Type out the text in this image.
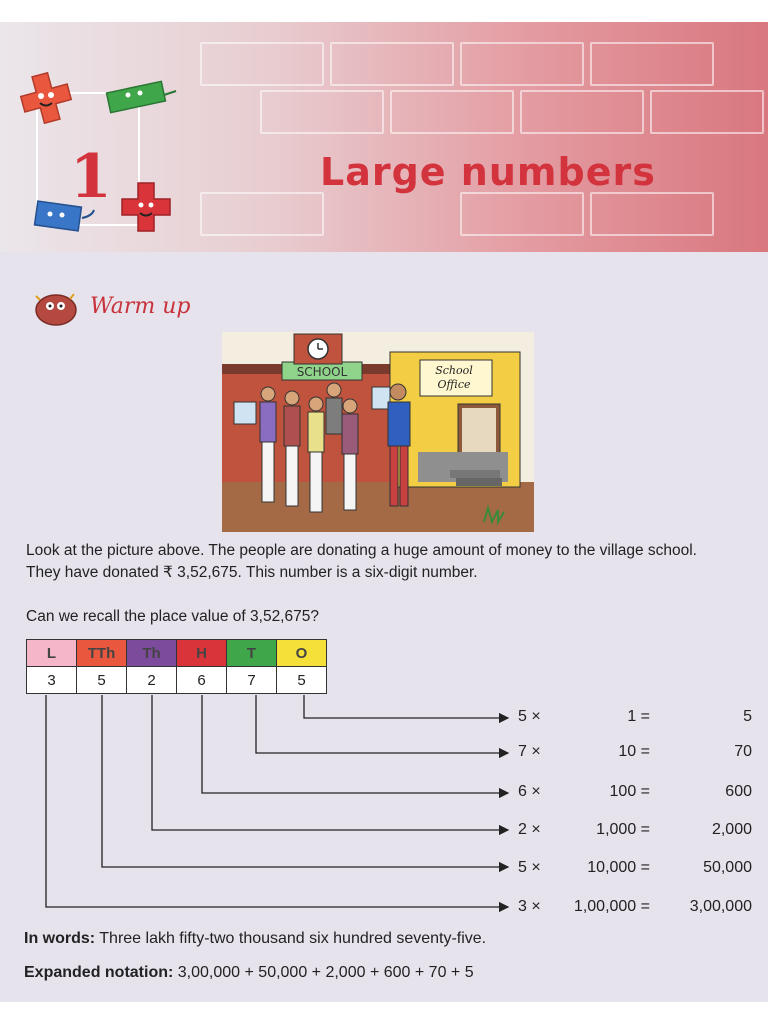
1	Large numbers
Warm up
SCHOOL	School
Office
Look at the picture above. The people are donating a huge amount of money to the village school. They have donated ₹ 3,52,675. This number is a six-digit number.
Can we recall the place value of 3,52,675?
L	TTh	Th	H	T	O
3	5	2	6	7	5
5 ×	1 =	5
7 ×	10 =	70
6 ×	100 =	600
2 ×	1,000 =	2,000
5 ×	10,000 =	50,000
3 ×	1,00,000 =	3,00,000
In words: Three lakh fifty-two thousand six hundred seventy-five.
Expanded notation: 3,00,000 + 50,000 + 2,000 + 600 + 70 + 5
